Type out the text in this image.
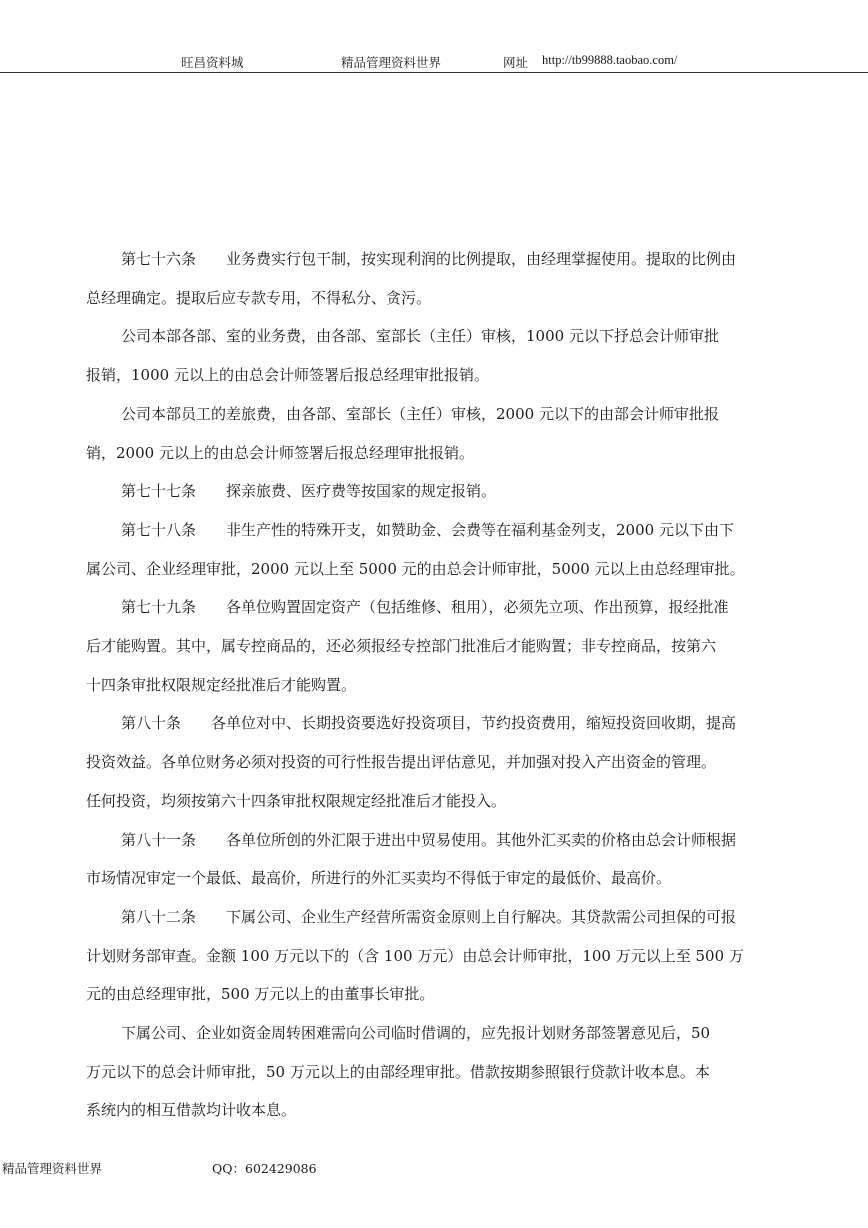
旺昌资料城	精品管理资料世界	网址 http://tb99888.taobao.com/

第七十六条　　业务费实行包干制，按实现利润的比例提取，由经理掌握使用。提取的比例由
总经理确定。提取后应专款专用，不得私分、贪污。

公司本部各部、室的业务费，由各部、室部长（主任）审核，1000 元以下抒总会计师审批
报销，1000 元以上的由总会计师签署后报总经理审批报销。

公司本部员工的差旅费，由各部、室部长（主任）审核，2000 元以下的由部会计师审批报
销，2000 元以上的由总会计师签署后报总经理审批报销。

第七十七条　　探亲旅费、医疗费等按国家的规定报销。

第七十八条　　非生产性的特殊开支，如赞助金、会费等在福利基金列支，2000 元以下由下
属公司、企业经理审批，2000 元以上至 5000 元的由总会计师审批，5000 元以上由总经理审批。

第七十九条　　各单位购置固定资产（包括维修、租用），必须先立项、作出预算，报经批准
后才能购置。其中，属专控商品的，还必须报经专控部门批准后才能购置；非专控商品，按第六
十四条审批权限规定经批准后才能购置。

第八十条　　各单位对中、长期投资要选好投资项目，节约投资费用，缩短投资回收期，提高
投资效益。各单位财务必须对投资的可行性报告提出评估意见，并加强对投入产出资金的管理。
任何投资，均须按第六十四条审批权限规定经批准后才能投入。

第八十一条　　各单位所创的外汇限于进出中贸易使用。其他外汇买卖的价格由总会计师根据
市场情况审定一个最低、最高价，所进行的外汇买卖均不得低于审定的最低价、最高价。

第八十二条　　下属公司、企业生产经营所需资金原则上自行解决。其贷款需公司担保的可报
计划财务部审查。金额 100 万元以下的（含 100 万元）由总会计师审批，100 万元以上至 500 万
元的由总经理审批，500 万元以上的由董事长审批。

下属公司、企业如资金周转困难需向公司临时借调的，应先报计划财务部签署意见后，50
万元以下的总会计师审批，50 万元以上的由部经理审批。借款按期参照银行贷款计收本息。本
系统内的相互借款均计收本息。

精品管理资料世界	QQ：602429086
